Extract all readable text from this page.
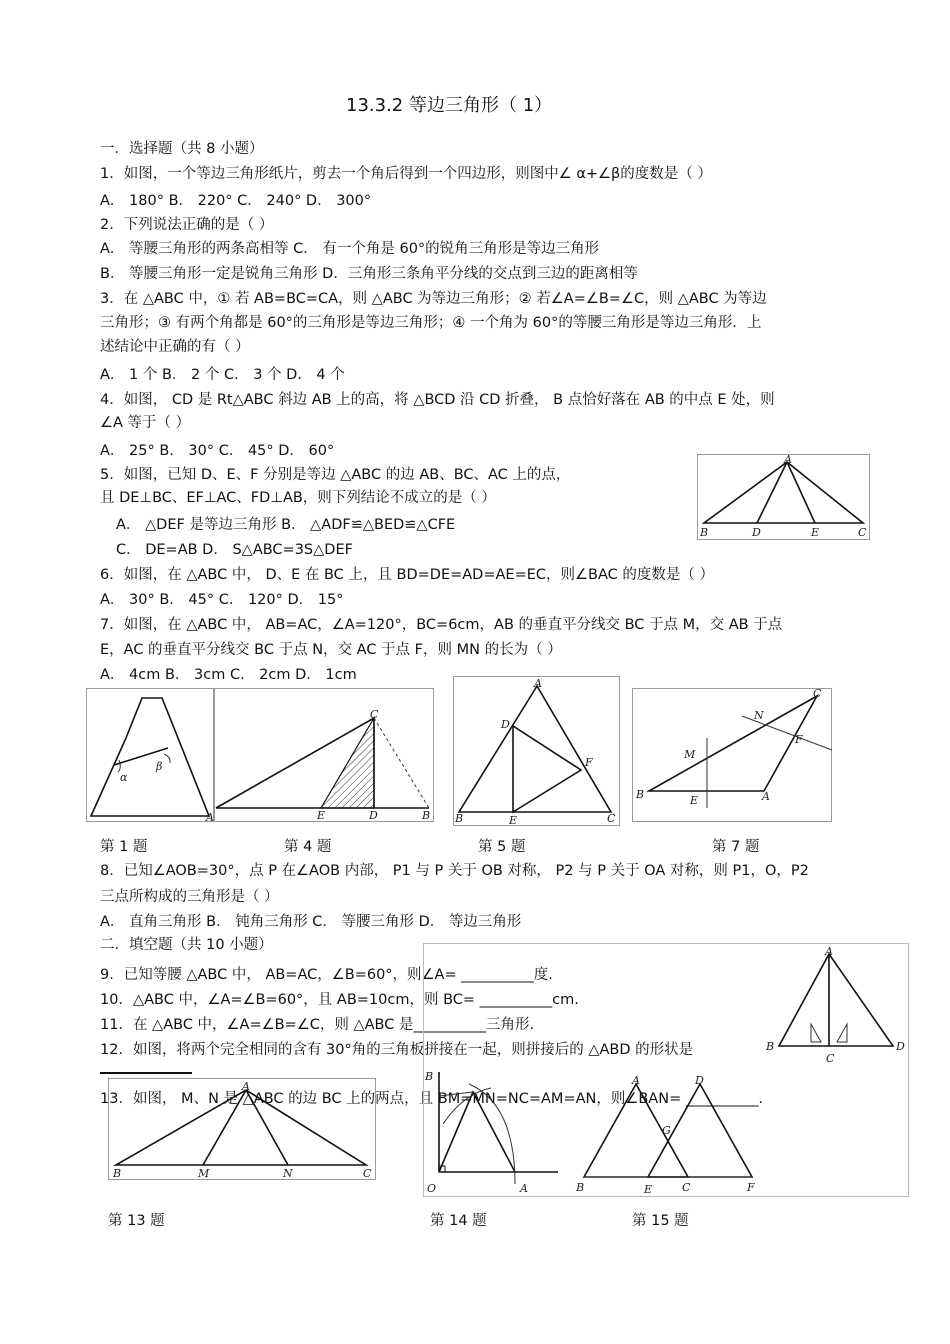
13.3.2 等边三角形（ 1）
一．选择题（共 8 小题）
1．如图，一个等边三角形纸片，剪去一个角后得到一个四边形，则图中∠ α+∠β的度数是（ ）
A． 180° B． 220° C． 240° D． 300°
2．下列说法正确的是（ ）
A． 等腰三角形的两条高相等 C． 有一个角是 60°的锐角三角形是等边三角形
B． 等腰三角形一定是锐角三角形 D．三角形三条角平分线的交点到三边的距离相等
3．在 △ABC 中，① 若 AB=BC=CA，则 △ABC 为等边三角形；② 若∠A=∠B=∠C，则 △ABC 为等边
三角形；③ 有两个角都是 60°的三角形是等边三角形；④ 一个角为 60°的等腰三角形是等边三角形．上
述结论中正确的有（ ）
A． 1 个 B． 2 个 C． 3 个 D． 4 个
4．如图， CD 是 Rt△ABC 斜边 AB 上的高，将 △BCD 沿 CD 折叠， B 点恰好落在 AB 的中点 E 处，则
∠A 等于（ ）
A． 25° B． 30° C． 45° D． 60°
5．如图，已知 D、E、F 分别是等边 △ABC 的边 AB、BC、AC 上的点，
且 DE⊥BC、EF⊥AC、FD⊥AB，则下列结论不成立的是（ ）
A． △DEF 是等边三角形 B． △ADF≌△BED≌△CFE
C． DE=AB D． S△ABC=3S△DEF
6．如图，在 △ABC 中， D、E 在 BC 上，且 BD=DE=AD=AE=EC，则∠BAC 的度数是（ ）
A． 30° B． 45° C． 120° D． 15°
7．如图，在 △ABC 中， AB=AC，∠A=120°，BC=6cm，AB 的垂直平分线交 BC 于点 M，交 AB 于点
E，AC 的垂直平分线交 BC 于点 N，交 AC 于点 F，则 MN 的长为（ ）
A． 4cm B． 3cm C． 2cm D． 1cm
8．已知∠AOB=30°，点 P 在∠AOB 内部， P1 与 P 关于 OB 对称， P2 与 P 关于 OA 对称，则 P1，O，P2
三点所构成的三角形是（ ）
A． 直角三角形 B． 钝角三角形 C． 等腰三角形 D． 等边三角形
二．填空题（共 10 小题）
9．已知等腰 △ABC 中， AB=AC，∠B=60°，则∠A= __________度.
10．△ABC 中，∠A=∠B=60°，且 AB=10cm，则 BC= __________cm.
11．在 △ABC 中，∠A=∠B=∠C，则 △ABC 是__________三角形.
12．如图，将两个完全相同的含有 30°角的三角板拼接在一起，则拼接后的 △ABD 的形状是
13．如图， M、N 是 △ABC 的边 BC 上的两点，且 BM=MN=NC=AM=AN，则∠BAN= __________.
第 1 题	第 4 题	第 5 题	第 7 题
第 13 题	第 14 题	第 15 题
A
B	D	E	C
α
β
A
C
E	D	B
A
D
F
B	E	C
C
N
F
M
B	E	A
A
B
C
D
A
B	M	N	C
B
O	A
A	D
G
B	E	C	F
